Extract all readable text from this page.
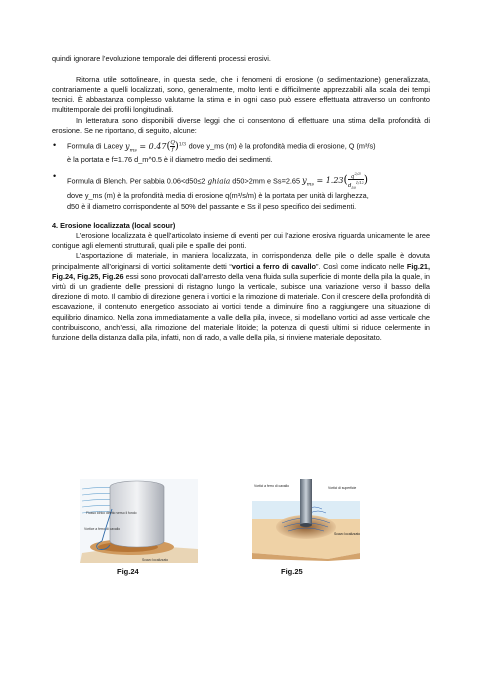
quindi ignorare l’evoluzione temporale dei differenti processi erosivi.

Ritorna utile sottolineare, in questa sede, che i fenomeni di erosione (o sedimentazione) generalizzata, contrariamente a quelli localizzati, sono, generalmente, molto lenti e difficilmente apprezzabili alla scala dei tempi tecnici. È abbastanza complesso valutarne la stima e in ogni caso può essere effettuata attraverso un confronto multitemporale dei profili longitudinali.

In letteratura sono disponibili diverse leggi che ci consentono di effettuare una stima della profondità di erosione. Se ne riportano, di seguito, alcune:

• Formula di Lacey $y_{ms} = 0.47( \frac{Q}{f} )^{1/3}$ dove y_ms (m) è la profondità media di erosione, Q (m³/s)
è la portata e f=1.76 d_m^0.5 è il diametro medio dei sedimenti.
• Formula di Blench. Per sabbia 0.06<d50≤2 ghiaia d50>2mm e Ss=2.65 $y_{ms} = 1.23( \frac{q^{2/3}}{d_{50}^{1/12}}$ )
dove y_ms (m) è la profondità media di erosione q(m³/s/m) è la portata per unità di larghezza,
d50 è il diametro corrispondente al 50% del passante e Ss il peso specifico dei sedimenti.

4. Erosione localizzata (local scour)

L’erosione localizzata è quell’articolato insieme di eventi per cui l’azione erosiva riguarda unicamente le aree contigue agli elementi strutturali, quali pile e spalle dei ponti.

L’asportazione di materiale, in maniera localizzata, in corrispondenza delle pile o delle spalle è dovuta principalmente all’originarsi di vortici solitamente detti “vortici a ferro di cavallo”. Così come indicato nelle Fig.21, Fig.24, Fig.25, Fig.26 essi sono provocati dall’arresto della vena fluida sulla superficie di monte della pila la quale, in virtù di un gradiente delle pressioni di ristagno lungo la verticale, subisce una variazione verso il basso della direzione di moto. Il cambio di direzione genera i vortici e la rimozione di materiale. Con il crescere della profondità di escavazione, il contenuto energetico associato ai vortici tende a diminuire fino a raggiungere una situazione di equilibrio dinamico. Nella zona immediatamente a valle della pila, invece, si modellano vortici ad asse verticale che contribuiscono, anch’essi, alla rimozione del materiale litoide; la potenza di questi ultimi si riduce celermente in funzione della distanza dalla pila, infatti, non di rado, a valle della pila, si rinviene materiale depositato.

Flusso idrico diretto verso il fondo
Vortice a ferro di cavallo
Scavo localizzato
Fig.24
Vortici a ferro di cavallo	Vortici di superficie
Scavo localizzato
Fig.25
